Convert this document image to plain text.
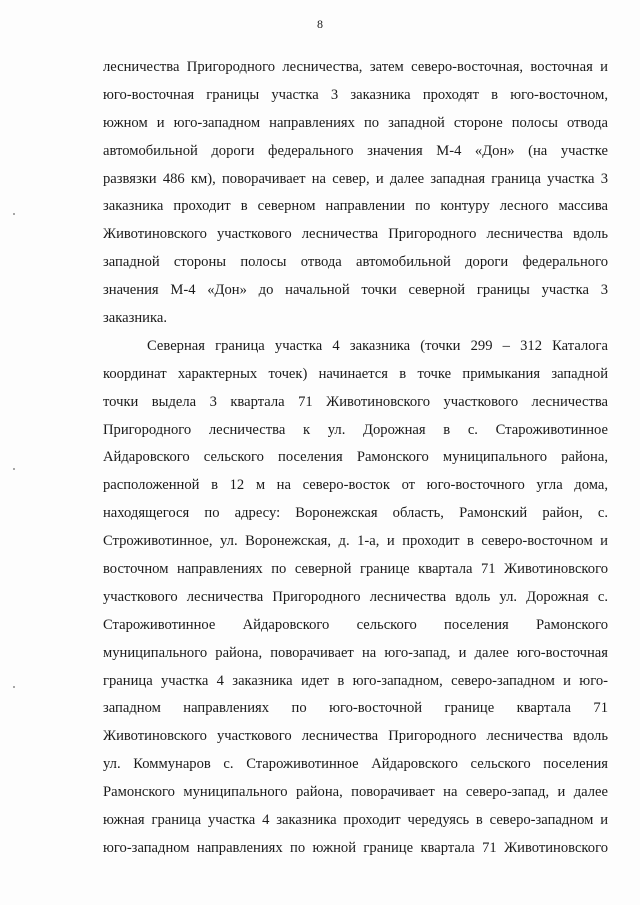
8
лесничества Пригородного лесничества, затем северо-восточная, восточная и
юго-восточная границы участка 3 заказника проходят в юго-восточном,
южном и юго-западном направлениях по западной стороне полосы отвода
автомобильной дороги федерального значения М-4 «Дон» (на участке
развязки 486 км), поворачивает на север, и далее западная граница участка 3
заказника проходит в северном направлении по контуру лесного массива
Животиновского участкового лесничества Пригородного лесничества вдоль
западной стороны полосы отвода автомобильной дороги федерального
значения М-4 «Дон» до начальной точки северной границы участка 3
заказника.
Северная граница участка 4 заказника (точки 299 – 312 Каталога
координат характерных точек) начинается в точке примыкания западной
точки выдела 3 квартала 71 Животиновского участкового лесничества
Пригородного лесничества к ул. Дорожная в с. Староживотинное
Айдаровского сельского поселения Рамонского муниципального района,
расположенной в 12 м на северо-восток от юго-восточного угла дома,
находящегося по адресу: Воронежская область, Рамонский район, с.
Строживотинное, ул. Воронежская, д. 1-а, и проходит в северо-восточном и
восточном направлениях по северной границе квартала 71 Животиновского
участкового лесничества Пригородного лесничества вдоль ул. Дорожная с.
Староживотинное Айдаровского сельского поселения Рамонского
муниципального района, поворачивает на юго-запад, и далее юго-восточная
граница участка 4 заказника идет в юго-западном, северо-западном и юго-
западном направлениях по юго-восточной границе квартала 71
Животиновского участкового лесничества Пригородного лесничества вдоль
ул. Коммунаров с. Староживотинное Айдаровского сельского поселения
Рамонского муниципального района, поворачивает на северо-запад, и далее
южная граница участка 4 заказника проходит чередуясь в северо-западном и
юго-западном направлениях по южной границе квартала 71 Животиновского
